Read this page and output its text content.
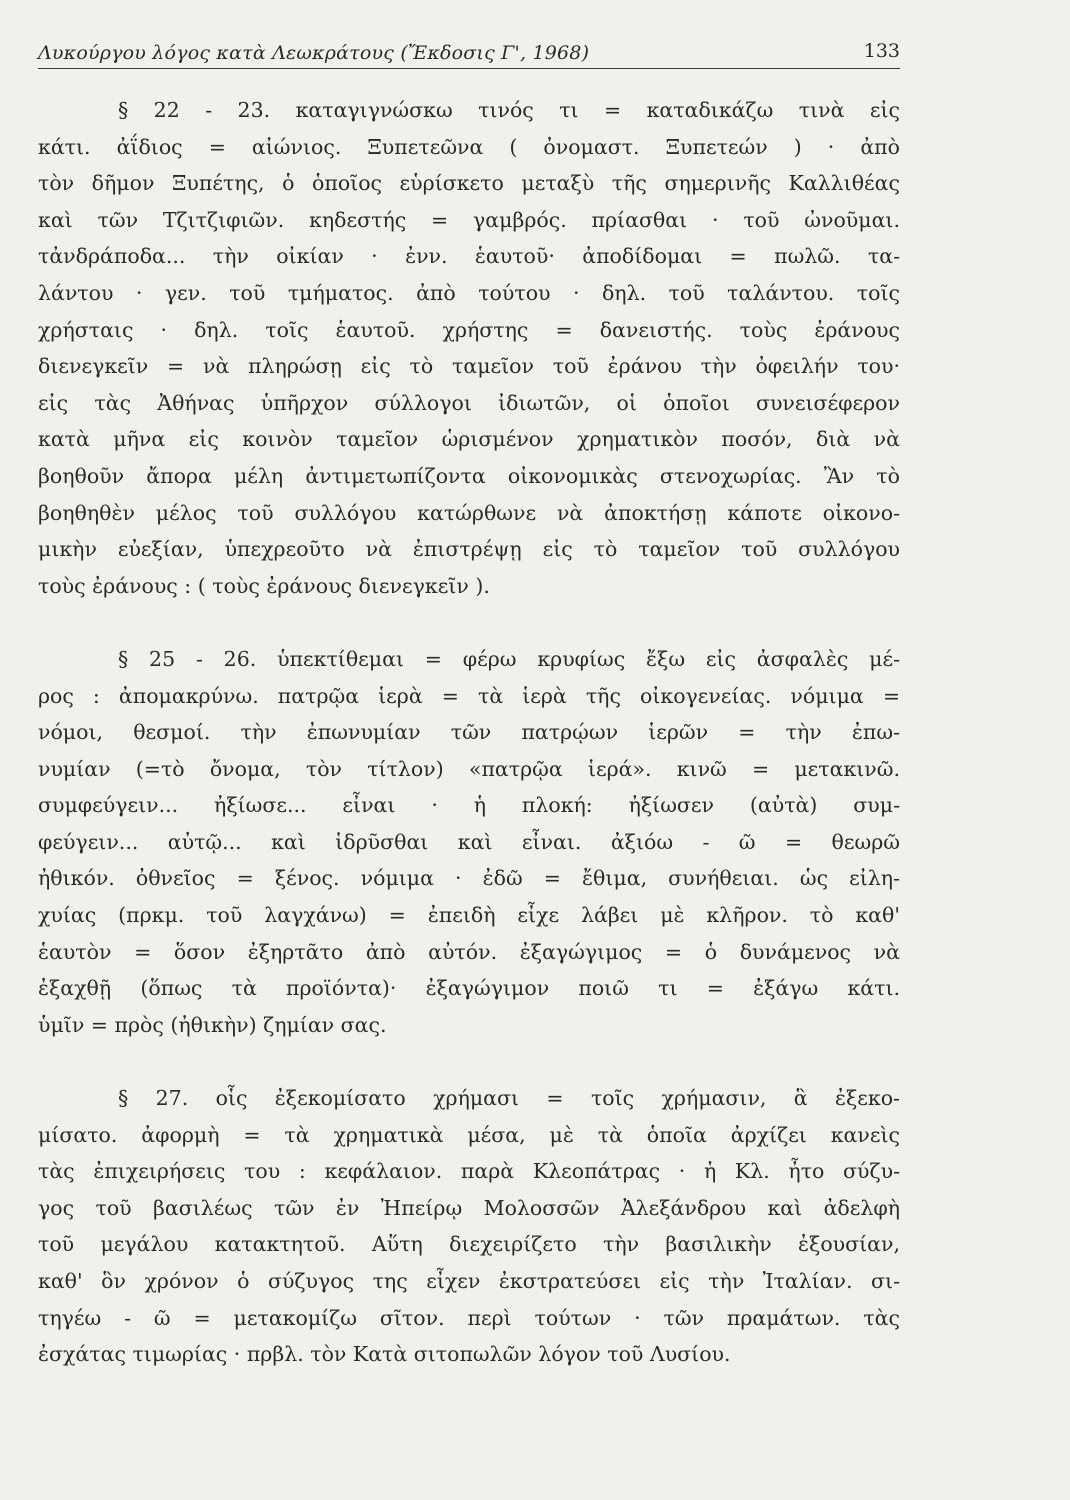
Λυκούργου λόγος κατὰ Λεωκράτους (Ἔκδοσις Γ', 1968)	133
§ 22 - 23. καταγιγνώσκω τινός τι = καταδικάζω τινὰ εἰς
κάτι. ἀΐδιος = αἰώνιος. Ξυπετεῶνα ( ὀνομαστ. Ξυπετεών ) · ἀπὸ
τὸν δῆμον Ξυπέτης, ὁ ὁποῖος εὑρίσκετο μεταξὺ τῆς σημερινῆς Καλλιθέας
καὶ τῶν Τζιτζιφιῶν. κηδεστής = γαμβρός. πρίασθαι · τοῦ ὠνοῦμαι.
τἀνδράποδα... τὴν οἰκίαν · ἐνν. ἑαυτοῦ· ἀποδίδομαι = πωλῶ. τα-
λάντου · γεν. τοῦ τμήματος. ἀπὸ τούτου · δηλ. τοῦ ταλάντου. τοῖς
χρήσταις · δηλ. τοῖς ἑαυτοῦ. χρήστης = δανειστής. τοὺς ἐράνους
διενεγκεῖν = νὰ πληρώσῃ εἰς τὸ ταμεῖον τοῦ ἐράνου τὴν ὀφειλήν του·
εἰς τὰς Ἀθήνας ὑπῆρχον σύλλογοι ἰδιωτῶν, οἱ ὁποῖοι συνεισέφερον
κατὰ μῆνα εἰς κοινὸν ταμεῖον ὡρισμένον χρηματικὸν ποσόν, διὰ νὰ
βοηθοῦν ἄπορα μέλη ἀντιμετωπίζοντα οἰκονομικὰς στενοχωρίας. Ἂν τὸ
βοηθηθὲν μέλος τοῦ συλλόγου κατώρθωνε νὰ ἀποκτήσῃ κάποτε οἰκονο-
μικὴν εὐεξίαν, ὑπεχρεοῦτο νὰ ἐπιστρέψῃ εἰς τὸ ταμεῖον τοῦ συλλόγου
τοὺς ἐράνους : ( τοὺς ἐράνους διενεγκεῖν ).
§ 25 - 26. ὑπεκτίθεμαι = φέρω κρυφίως ἔξω εἰς ἀσφαλὲς μέ-
ρος : ἀπομακρύνω. πατρῷα ἱερὰ = τὰ ἱερὰ τῆς οἰκογενείας. νόμιμα =
νόμοι, θεσμοί. τὴν ἐπωνυμίαν τῶν πατρῴων ἱερῶν = τὴν ἐπω-
νυμίαν (=τὸ ὄνομα, τὸν τίτλον) «πατρῷα ἱερά». κινῶ = μετακινῶ.
συμφεύγειν... ἠξίωσε... εἶναι · ἡ πλοκή: ἠξίωσεν (αὐτὰ) συμ-
φεύγειν... αὐτῷ... καὶ ἱδρῦσθαι καὶ εἶναι. ἀξιόω - ῶ = θεωρῶ
ἠθικόν. ὀθνεῖος = ξένος. νόμιμα · ἐδῶ = ἔθιμα, συνήθειαι. ὡς εἰλη-
χυίας (πρκμ. τοῦ λαγχάνω) = ἐπειδὴ εἶχε λάβει μὲ κλῆρον. τὸ καθ'
ἑαυτὸν = ὅσον ἐξηρτᾶτο ἀπὸ αὐτόν. ἐξαγώγιμος = ὁ δυνάμενος νὰ
ἐξαχθῇ (ὅπως τὰ προϊόντα)· ἐξαγώγιμον ποιῶ τι = ἐξάγω κάτι.
ὑμῖν = πρὸς (ἠθικὴν) ζημίαν σας.
§ 27. οἷς ἐξεκομίσατο χρήμασι = τοῖς χρήμασιν, ἃ ἐξεκο-
μίσατο. ἀφορμὴ = τὰ χρηματικὰ μέσα, μὲ τὰ ὁποῖα ἀρχίζει κανεὶς
τὰς ἐπιχειρήσεις του : κεφάλαιον. παρὰ Κλεοπάτρας · ἡ Κλ. ἦτο σύζυ-
γος τοῦ βασιλέως τῶν ἐν Ἠπείρῳ Μολοσσῶν Ἀλεξάνδρου καὶ ἀδελφὴ
τοῦ μεγάλου κατακτητοῦ. Αὕτη διεχειρίζετο τὴν βασιλικὴν ἐξουσίαν,
καθ' ὃν χρόνον ὁ σύζυγος της εἶχεν ἐκστρατεύσει εἰς τὴν Ἰταλίαν. σι-
τηγέω - ῶ = μετακομίζω σῖτον. περὶ τούτων · τῶν πραμάτων. τὰς
ἐσχάτας τιμωρίας · πρβλ. τὸν Κατὰ σιτοπωλῶν λόγον τοῦ Λυσίου.
